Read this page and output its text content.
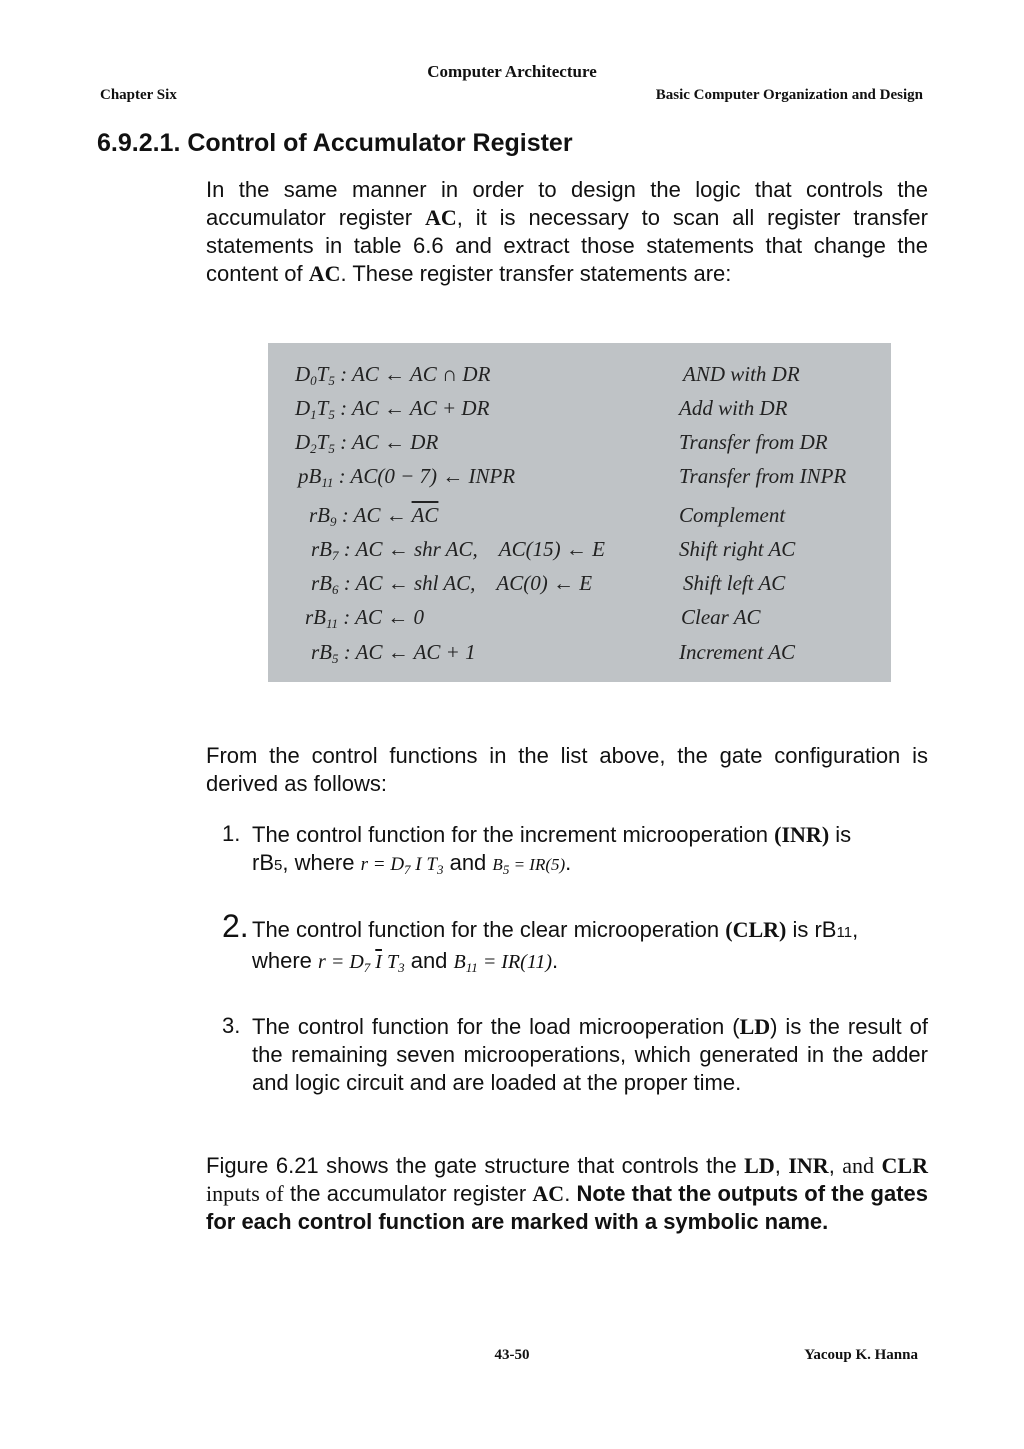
Computer Architecture
Chapter Six	Basic Computer Organization and Design
6.9.2.1. Control of Accumulator Register
In the same manner in order to design the logic that controls the accumulator register AC, it is necessary to scan all register transfer statements in table 6.6 and extract those statements that change the content of AC. These register transfer statements are:
$D_0T_5$ : AC ← AC ∩ DR	AND with DR
$D_1T_5$ : AC ← AC + DR	Add with DR
$D_2T_5$ : AC ← DR	Transfer from DR
$pB_{11}$ : AC(0 − 7) ← INPR	Transfer from INPR
$rB_9$ : AC ← $\overline{AC}$	Complement
$rB_7$ : AC ← shr AC,    AC(15) ← E	Shift right AC
$rB_6$ : AC ← shl AC,    AC(0) ← E	Shift left AC
$rB_{11}$ : AC ← 0	Clear AC
$rB_5$ : AC ← AC + 1	Increment AC
From the control functions in the list above, the gate configuration is derived as follows:
1. The control function for the increment microoperation (INR) is
rB5, where $r = D_7$ I $T_3$ and $B_5 = IR(5)$.
2. The control function for the clear microoperation (CLR) is rB11,
where $r = D_7$ $\overline{I}$ $T_3$ and $B_{11} = IR(11)$.
3. The control function for the load microoperation (LD) is the result of the remaining seven microoperations, which generated in the adder and logic circuit and are loaded at the proper time.
Figure 6.21 shows the gate structure that controls the LD, INR, and CLR inputs of the accumulator register AC. Note that the outputs of the gates for each control function are marked with a symbolic name.
43-50	Yacoup K. Hanna
